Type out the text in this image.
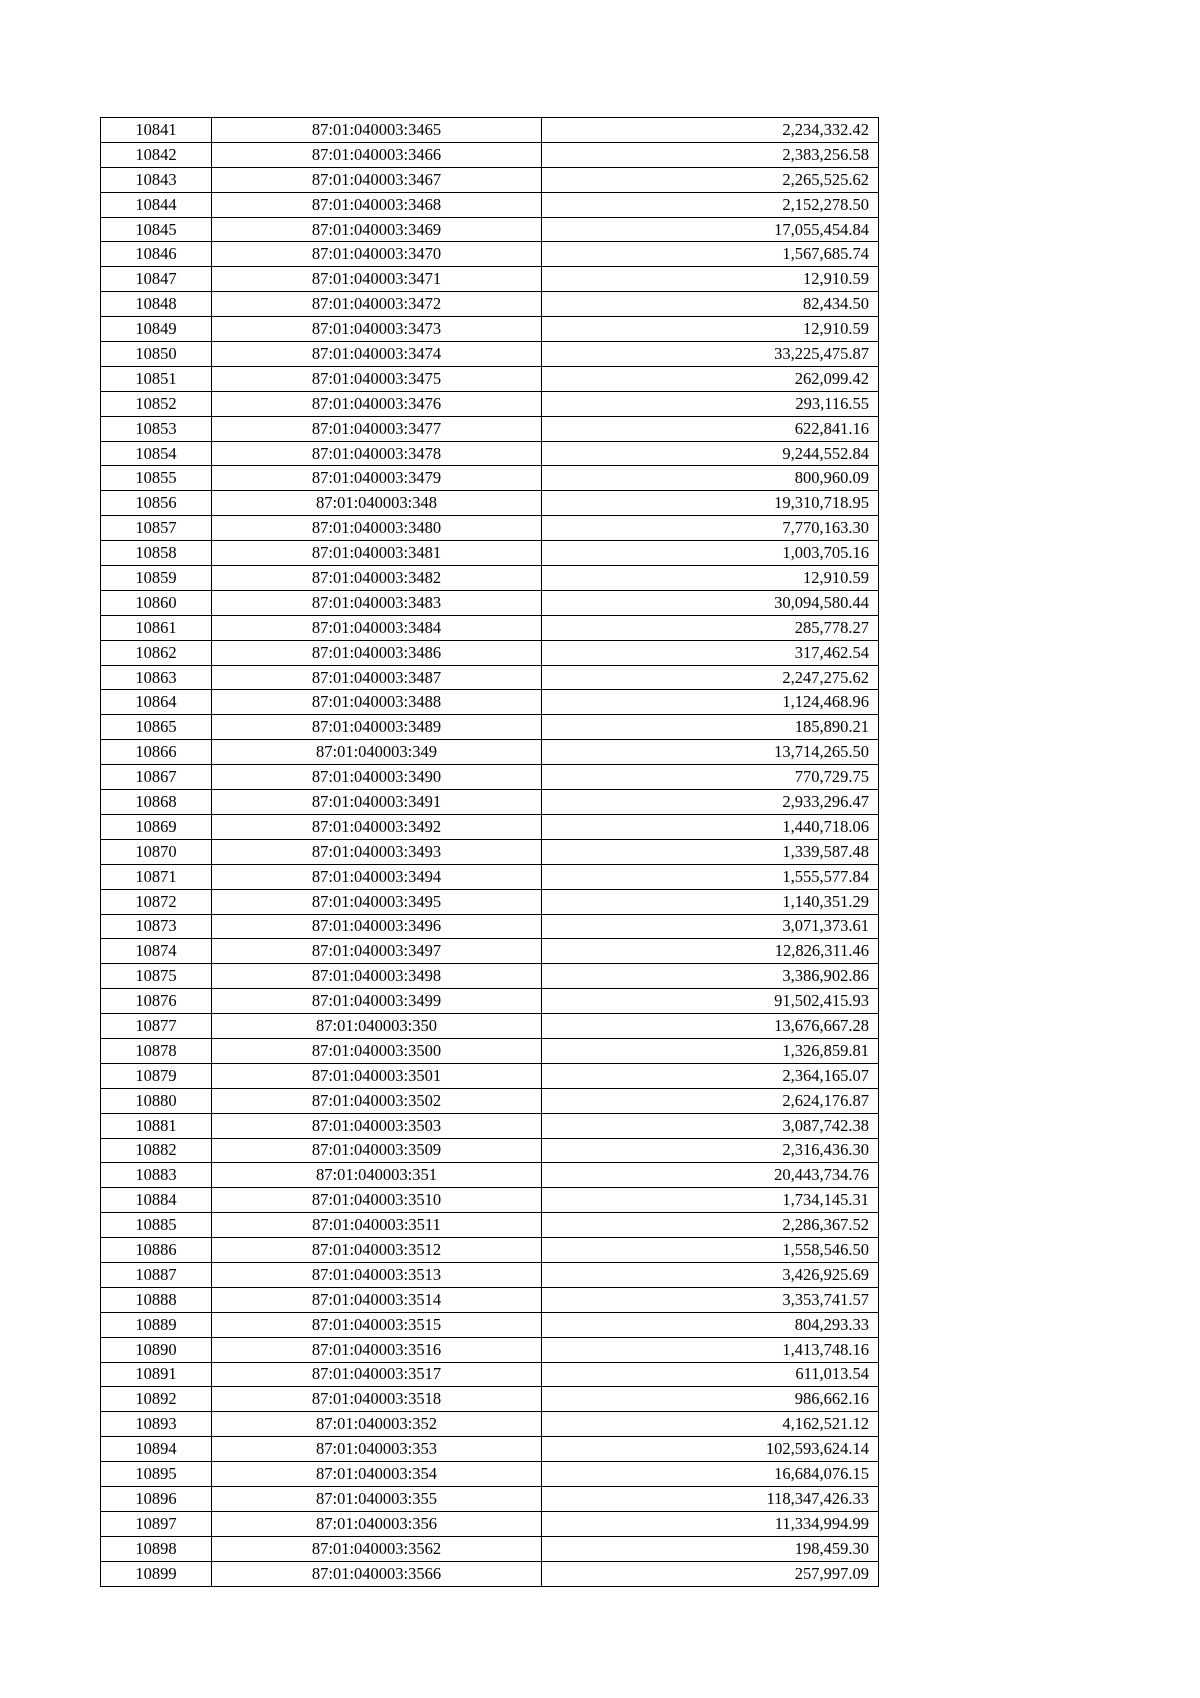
10841	87:01:040003:3465	2,234,332.42
10842	87:01:040003:3466	2,383,256.58
10843	87:01:040003:3467	2,265,525.62
10844	87:01:040003:3468	2,152,278.50
10845	87:01:040003:3469	17,055,454.84
10846	87:01:040003:3470	1,567,685.74
10847	87:01:040003:3471	12,910.59
10848	87:01:040003:3472	82,434.50
10849	87:01:040003:3473	12,910.59
10850	87:01:040003:3474	33,225,475.87
10851	87:01:040003:3475	262,099.42
10852	87:01:040003:3476	293,116.55
10853	87:01:040003:3477	622,841.16
10854	87:01:040003:3478	9,244,552.84
10855	87:01:040003:3479	800,960.09
10856	87:01:040003:348	19,310,718.95
10857	87:01:040003:3480	7,770,163.30
10858	87:01:040003:3481	1,003,705.16
10859	87:01:040003:3482	12,910.59
10860	87:01:040003:3483	30,094,580.44
10861	87:01:040003:3484	285,778.27
10862	87:01:040003:3486	317,462.54
10863	87:01:040003:3487	2,247,275.62
10864	87:01:040003:3488	1,124,468.96
10865	87:01:040003:3489	185,890.21
10866	87:01:040003:349	13,714,265.50
10867	87:01:040003:3490	770,729.75
10868	87:01:040003:3491	2,933,296.47
10869	87:01:040003:3492	1,440,718.06
10870	87:01:040003:3493	1,339,587.48
10871	87:01:040003:3494	1,555,577.84
10872	87:01:040003:3495	1,140,351.29
10873	87:01:040003:3496	3,071,373.61
10874	87:01:040003:3497	12,826,311.46
10875	87:01:040003:3498	3,386,902.86
10876	87:01:040003:3499	91,502,415.93
10877	87:01:040003:350	13,676,667.28
10878	87:01:040003:3500	1,326,859.81
10879	87:01:040003:3501	2,364,165.07
10880	87:01:040003:3502	2,624,176.87
10881	87:01:040003:3503	3,087,742.38
10882	87:01:040003:3509	2,316,436.30
10883	87:01:040003:351	20,443,734.76
10884	87:01:040003:3510	1,734,145.31
10885	87:01:040003:3511	2,286,367.52
10886	87:01:040003:3512	1,558,546.50
10887	87:01:040003:3513	3,426,925.69
10888	87:01:040003:3514	3,353,741.57
10889	87:01:040003:3515	804,293.33
10890	87:01:040003:3516	1,413,748.16
10891	87:01:040003:3517	611,013.54
10892	87:01:040003:3518	986,662.16
10893	87:01:040003:352	4,162,521.12
10894	87:01:040003:353	102,593,624.14
10895	87:01:040003:354	16,684,076.15
10896	87:01:040003:355	118,347,426.33
10897	87:01:040003:356	11,334,994.99
10898	87:01:040003:3562	198,459.30
10899	87:01:040003:3566	257,997.09
